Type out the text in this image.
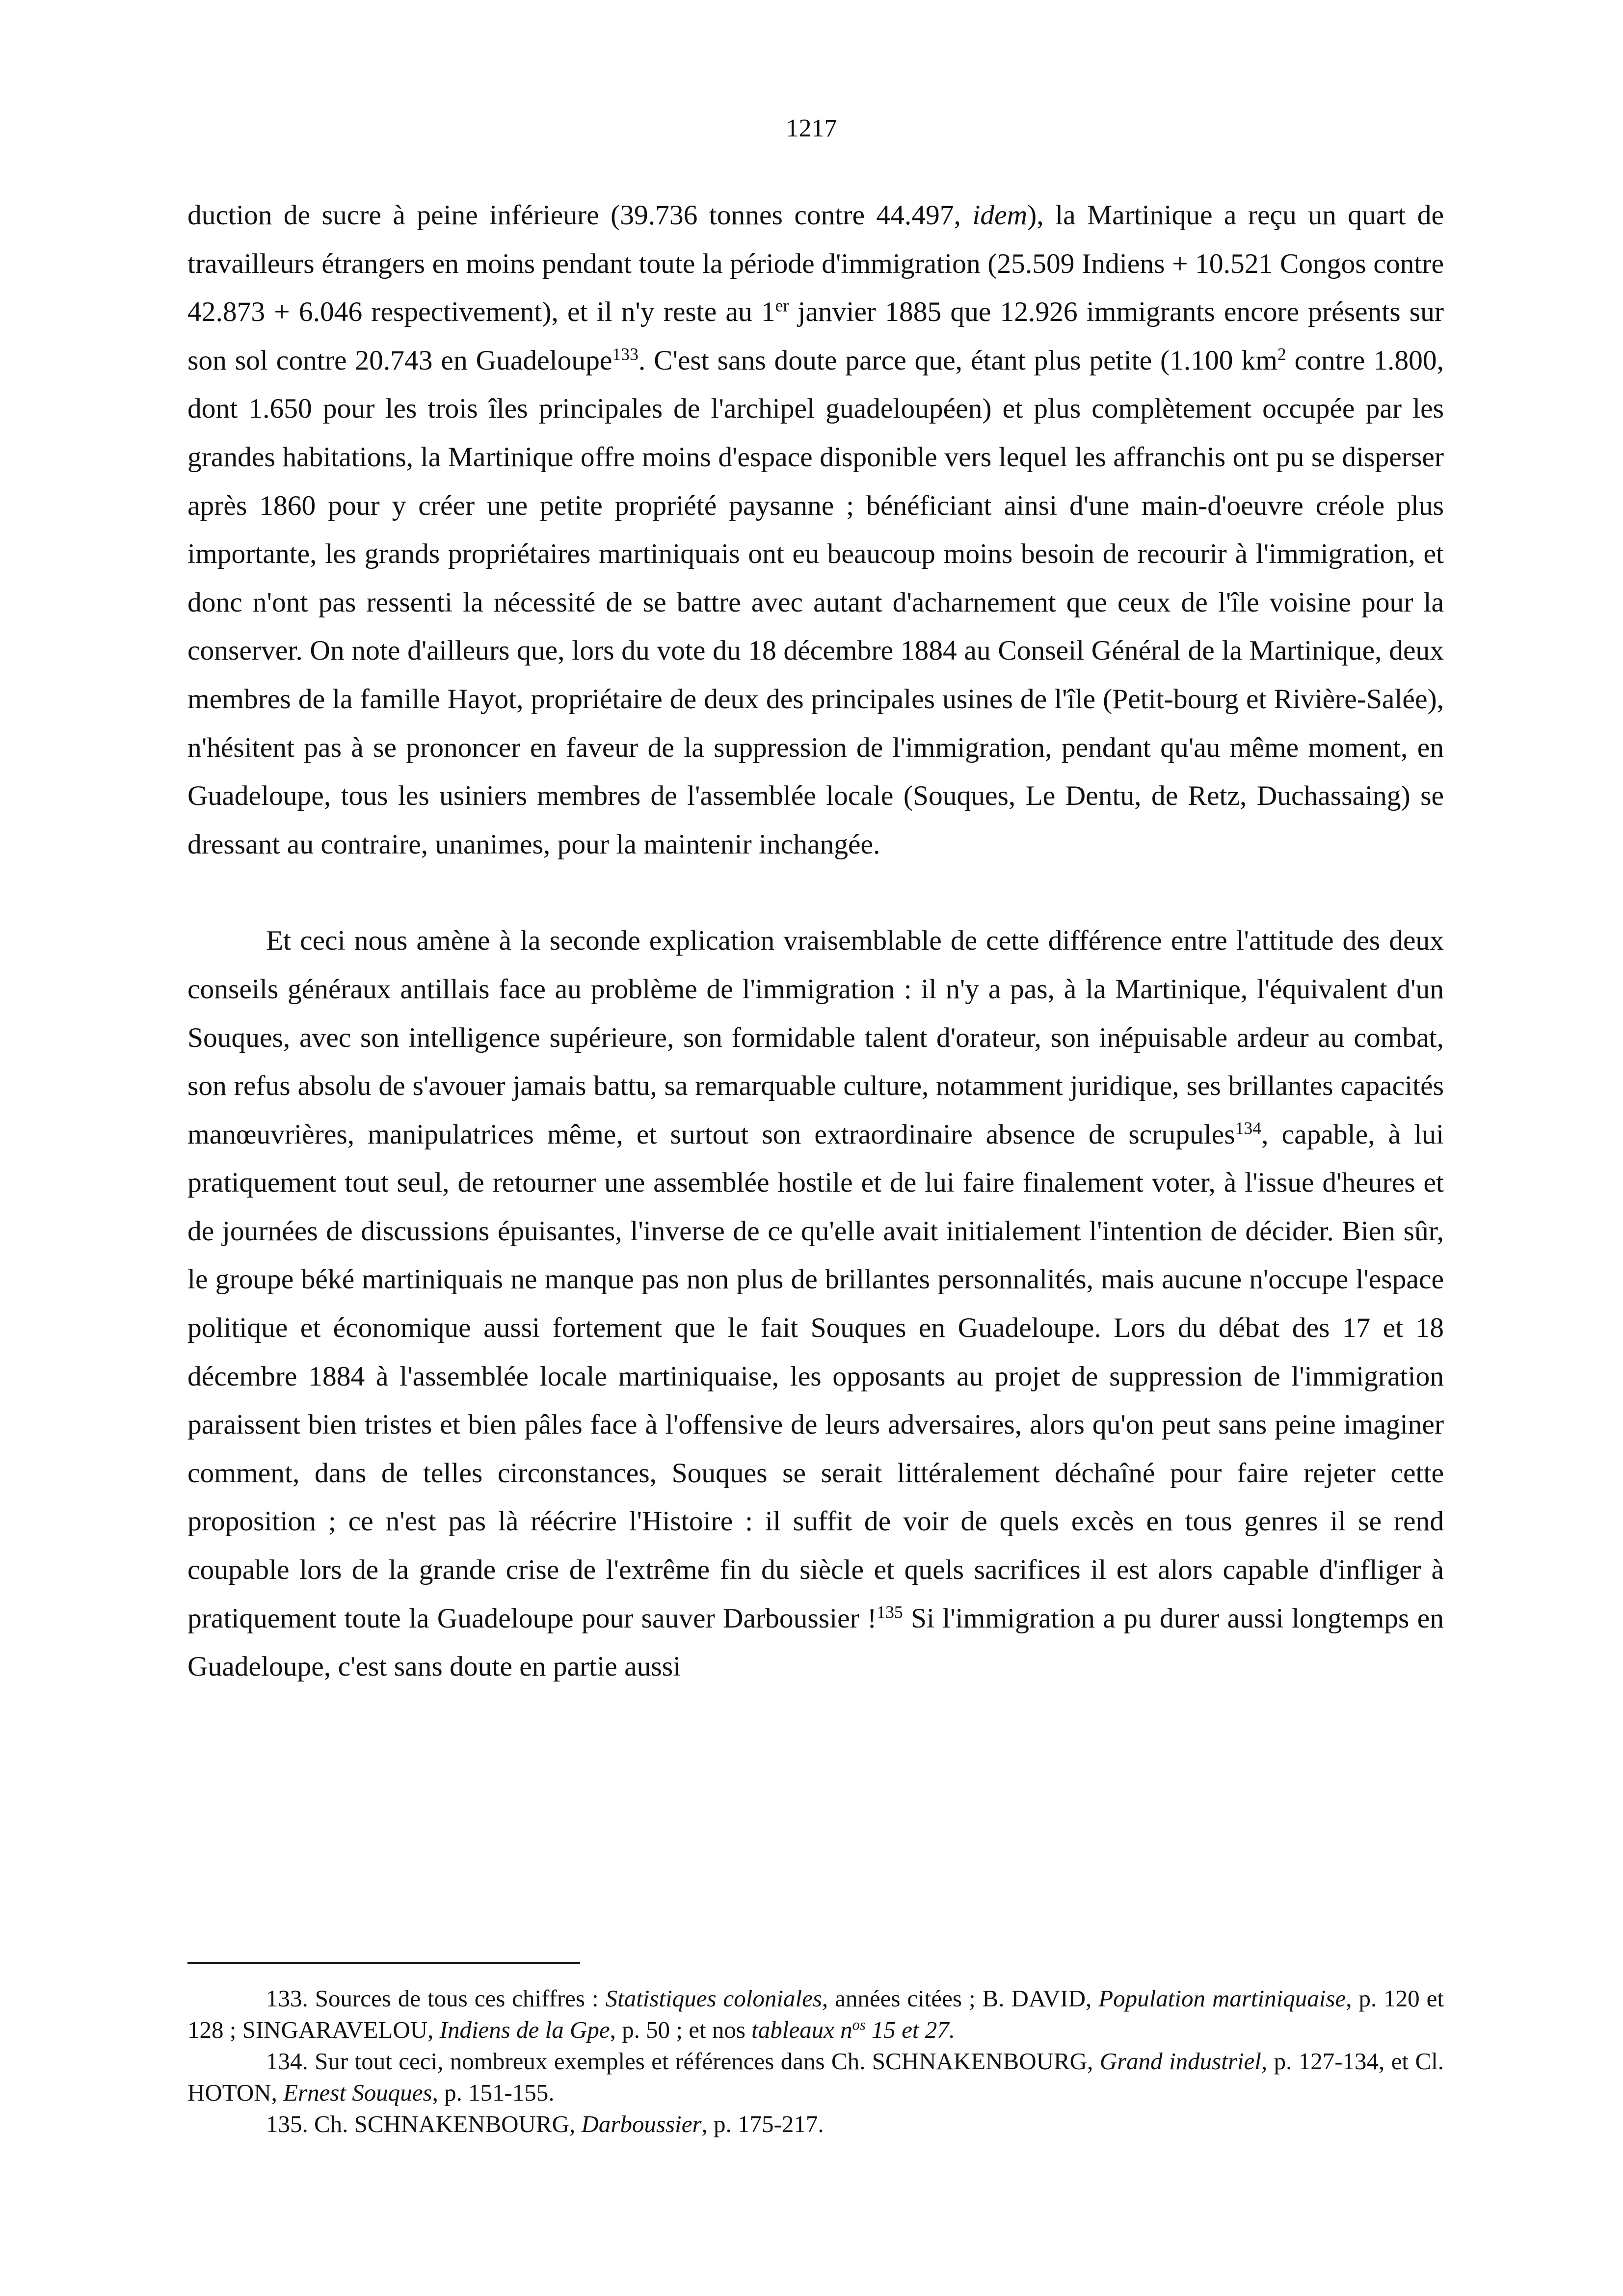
1217

duction de sucre à peine inférieure (39.736 tonnes contre 44.497, idem), la Martinique a reçu un quart de travailleurs étrangers en moins pendant toute la période d'immigration (25.509 Indiens + 10.521 Congos contre 42.873 + 6.046 respectivement), et il n'y reste au 1er janvier 1885 que 12.926 immigrants encore présents sur son sol contre 20.743 en Guadeloupe$^{133}$. C'est sans doute parce que, étant plus petite (1.100 $km^2$ contre 1.800, dont 1.650 pour les trois îles principales de l'archipel guadeloupéen) et plus complètement occupée par les grandes habitations, la Martinique offre moins d'espace disponible vers lequel les affranchis ont pu se disperser après 1860 pour y créer une petite propriété paysanne ; bénéficiant ainsi d'une main-d'oeuvre créole plus importante, les grands propriétaires martiniquais ont eu beaucoup moins besoin de recourir à l'immigration, et donc n'ont pas ressenti la nécessité de se battre avec autant d'acharnement que ceux de l'île voisine pour la conserver. On note d'ailleurs que, lors du vote du 18 décembre 1884 au Conseil Général de la Martinique, deux membres de la famille Hayot, propriétaire de deux des principales usines de l'île (Petit-bourg et Rivière-Salée), n'hésitent pas à se prononcer en faveur de la suppression de l'immigration, pendant qu'au même moment, en Guadeloupe, tous les usiniers membres de l'assemblée locale (Souques, Le Dentu, de Retz, Duchassaing) se dressant au contraire, unanimes, pour la maintenir inchangée.

Et ceci nous amène à la seconde explication vraisemblable de cette différence entre l'attitude des deux conseils généraux antillais face au problème de l'immigration : il n'y a pas, à la Martinique, l'équivalent d'un Souques, avec son intelligence supérieure, son formidable talent d'orateur, son inépuisable ardeur au combat, son refus absolu de s'avouer jamais battu, sa remarquable culture, notamment juridique, ses brillantes capacités manœuvrières, manipulatrices même, et surtout son extraordinaire absence de scrupules$^{134}$, capable, à lui pratiquement tout seul, de retourner une assemblée hostile et de lui faire finalement voter, à l'issue d'heures et de journées de discussions épuisantes, l'inverse de ce qu'elle avait initialement l'intention de décider. Bien sûr, le groupe béké martiniquais ne manque pas non plus de brillantes personnalités, mais aucune n'occupe l'espace politique et économique aussi fortement que le fait Souques en Guadeloupe. Lors du débat des 17 et 18 décembre 1884 à l'assemblée locale martiniquaise, les opposants au projet de suppression de l'immigration paraissent bien tristes et bien pâles face à l'offensive de leurs adversaires, alors qu'on peut sans peine imaginer comment, dans de telles circonstances, Souques se serait littéralement déchaîné pour faire rejeter cette proposition ; ce n'est pas là réécrire l'Histoire : il suffit de voir de quels excès en tous genres il se rend coupable lors de la grande crise de l'extrême fin du siècle et quels sacrifices il est alors capable d'infliger à pratiquement toute la Guadeloupe pour sauver Darboussier !$^{135}$ Si l'immigration a pu durer aussi longtemps en Guadeloupe, c'est sans doute en partie aussi

133. Sources de tous ces chiffres : Statistiques coloniales, années citées ; B. DAVID, Population martiniquaise, p. 120 et 128 ; SINGARAVELOU, Indiens de la Gpe, p. 50 ; et nos tableaux $n^{os}$ 15 et 27.

134. Sur tout ceci, nombreux exemples et références dans Ch. SCHNAKENBOURG, Grand industriel, p. 127-134, et Cl. HOTON, Ernest Souques, p. 151-155.

135. Ch. SCHNAKENBOURG, Darboussier, p. 175-217.
